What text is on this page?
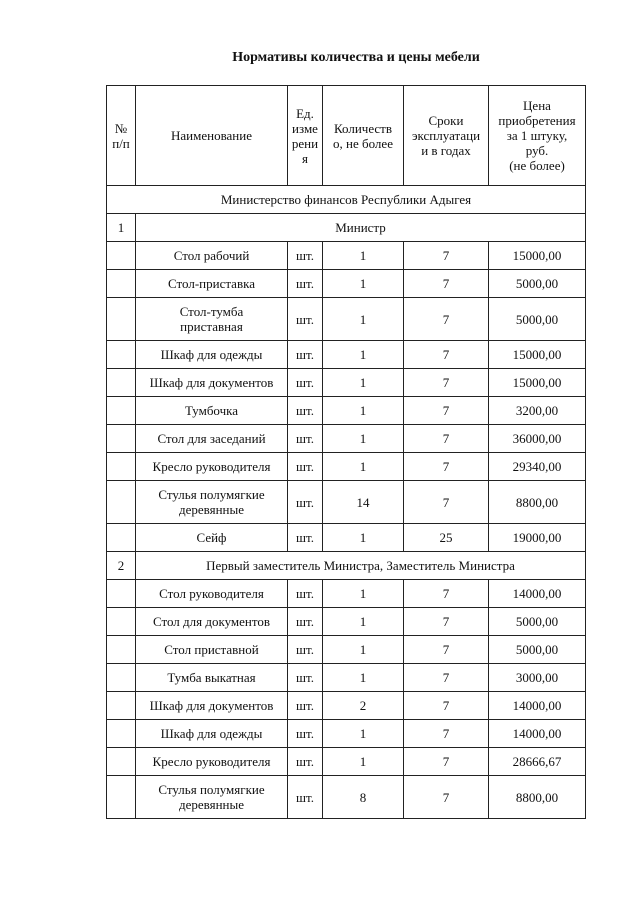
Нормативы количества и цены мебели
№
п/п	Наименование	Ед.
изме
рени
я	Количеств
о, не более	Сроки
эксплуатаци
и в годах	Цена
приобретения
за 1 штуку,
руб.
(не более)
Министерство финансов Республики Адыгея					
1	Министр				
	Стол рабочий	шт.	1	7	15000,00
	Стол-приставка	шт.	1	7	5000,00
	Стол-тумба
приставная	шт.	1	7	5000,00
	Шкаф для одежды	шт.	1	7	15000,00
	Шкаф для документов	шт.	1	7	15000,00
	Тумбочка	шт.	1	7	3200,00
	Стол для заседаний	шт.	1	7	36000,00
	Кресло руководителя	шт.	1	7	29340,00
	Стулья полумягкие
деревянные	шт.	14	7	8800,00
	Сейф	шт.	1	25	19000,00
2	Первый заместитель Министра, Заместитель Министра				
	Стол руководителя	шт.	1	7	14000,00
	Стол для документов	шт.	1	7	5000,00
	Стол приставной	шт.	1	7	5000,00
	Тумба выкатная	шт.	1	7	3000,00
	Шкаф для документов	шт.	2	7	14000,00
	Шкаф для одежды	шт.	1	7	14000,00
	Кресло руководителя	шт.	1	7	28666,67
	Стулья полумягкие
деревянные	шт.	8	7	8800,00
